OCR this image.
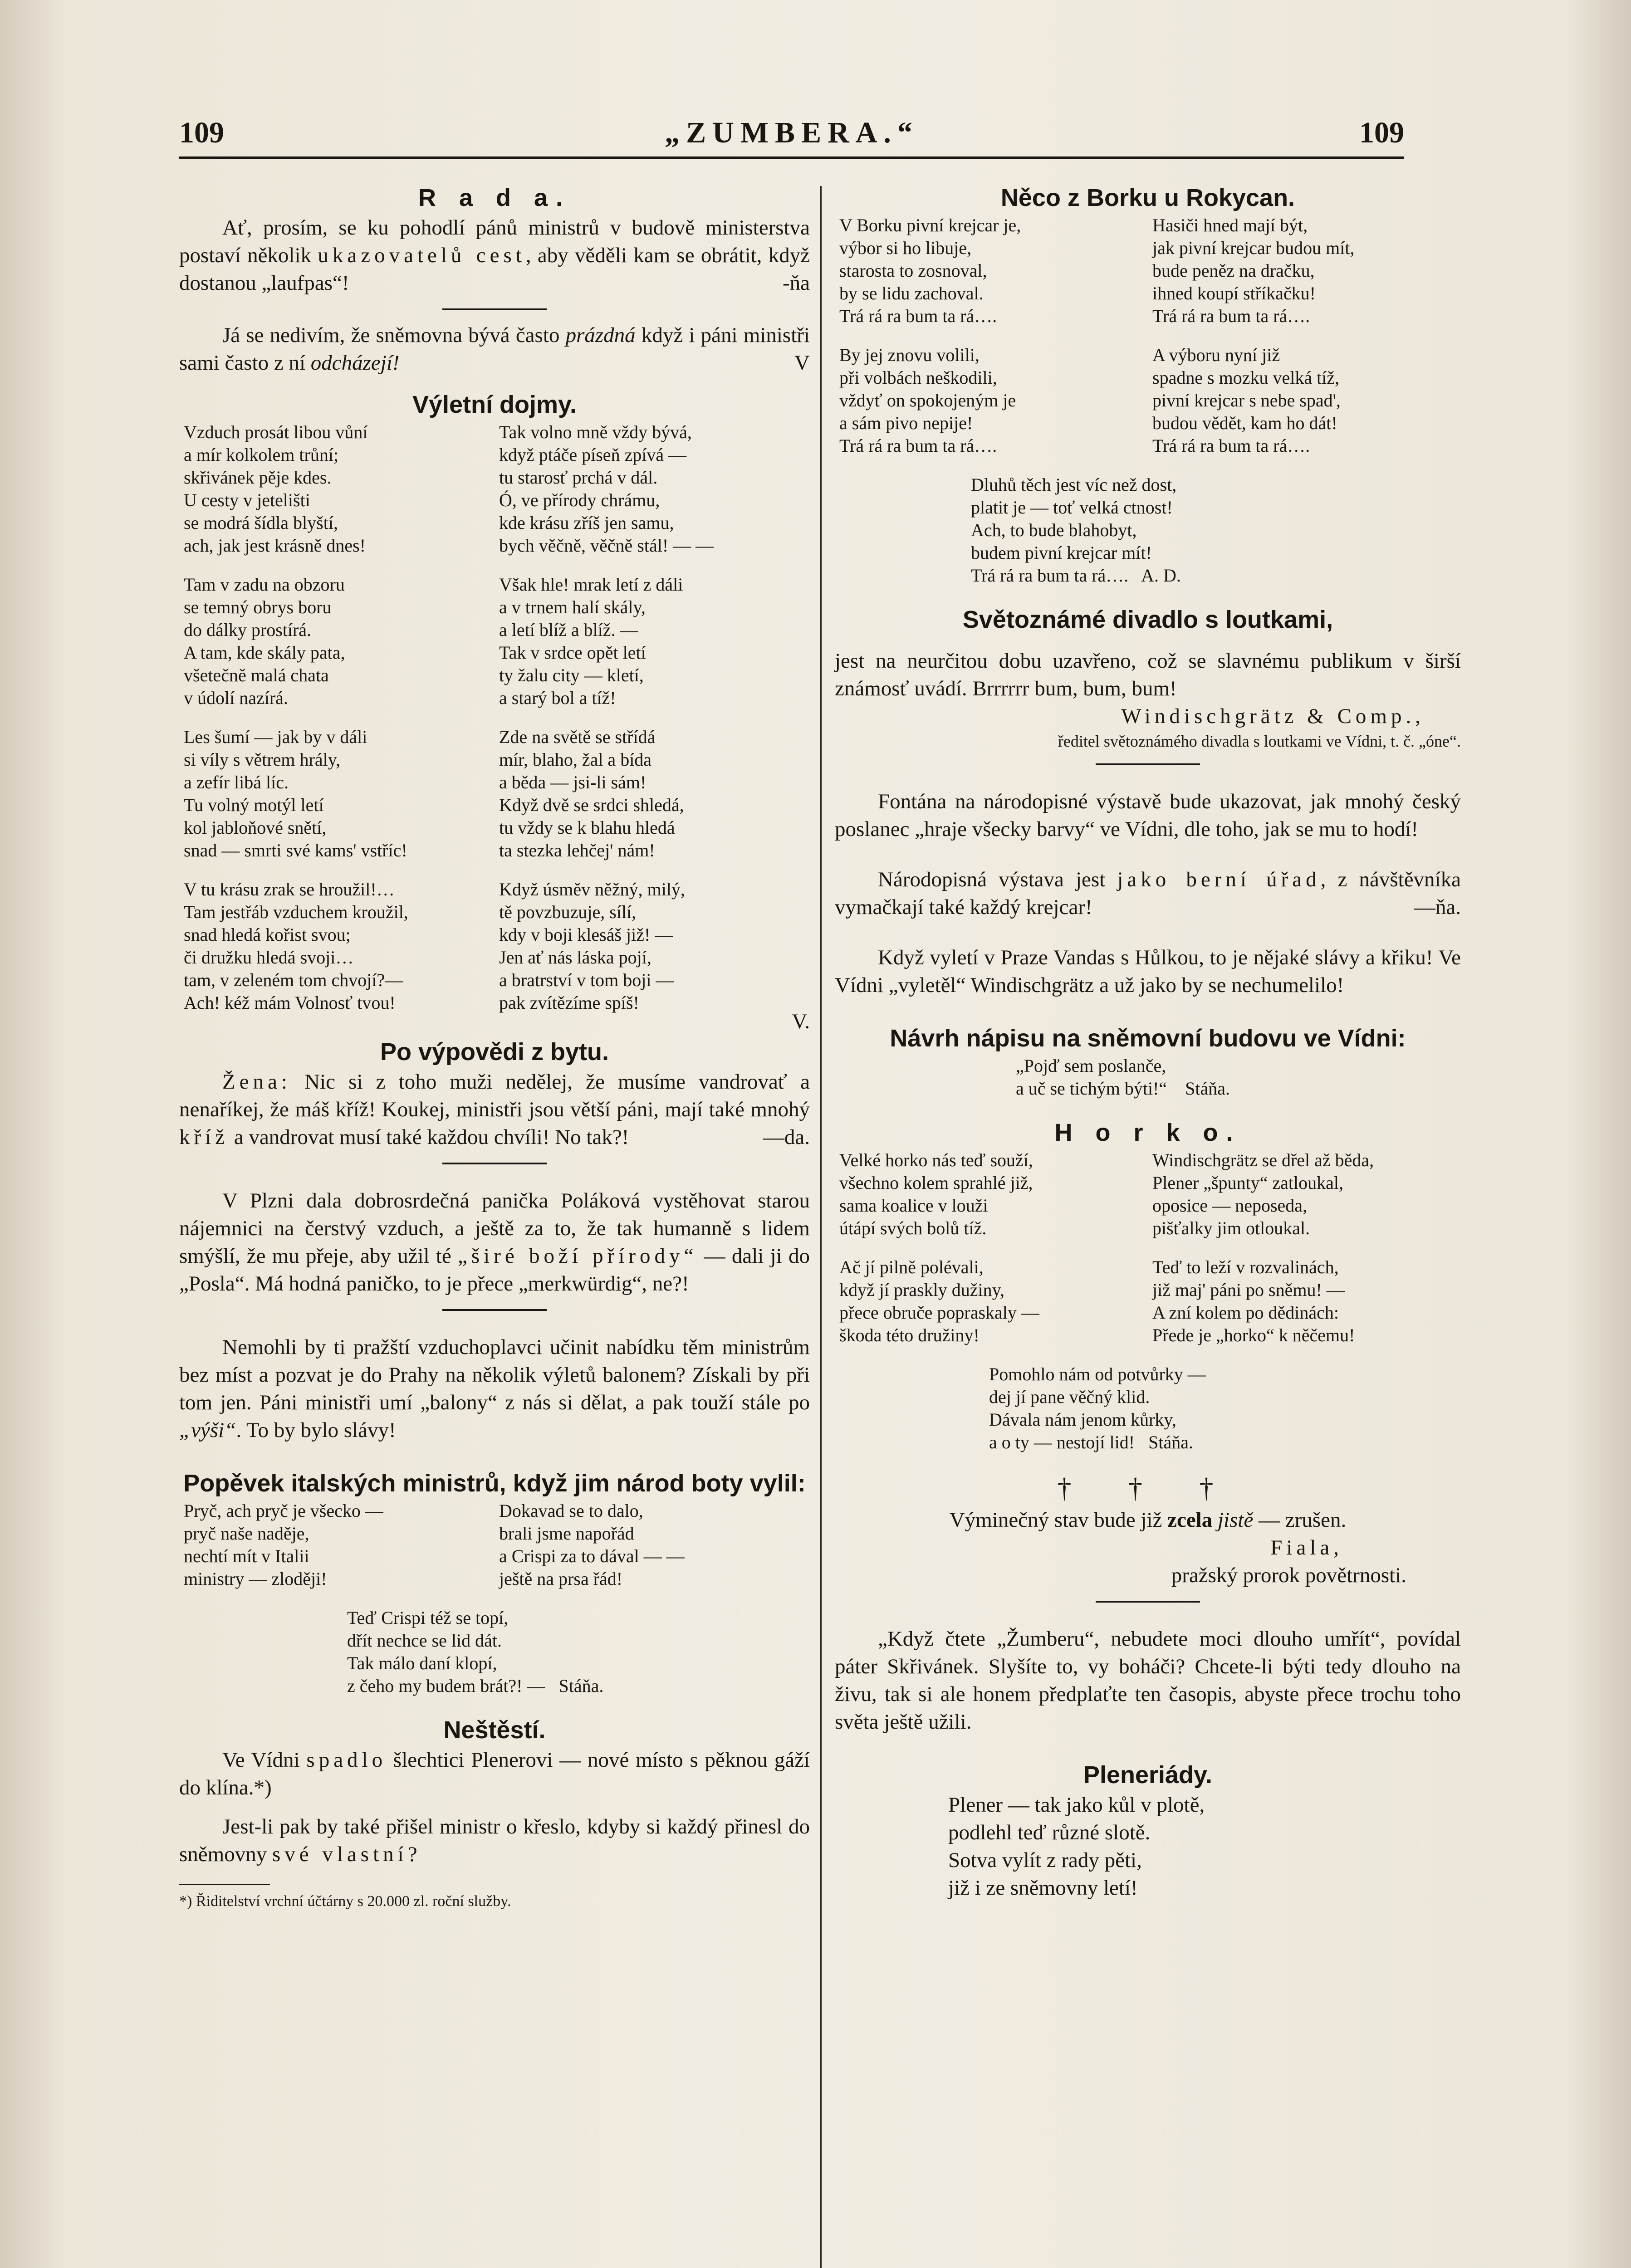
109	„ZUMBERA.“	109
R a d a.

Ať, prosím, se ku pohodlí pánů ministrů v budově ministerstva postaví několik ukazovatelů cest, aby věděli kam se obrátit, když dostanou „laufpas“!	-ňa

Já se nedivím, že sněmovna bývá často prázdná když i páni ministři sami často z ní odcházejí!	V

Výletní dojmy.
Vzduch prosát libou vůní
a mír kolkolem trůní;
skřivánek pěje kdes.
U cesty v jetelišti
se modrá šídla blyští,
ach, jak jest krásně dnes!
Tam v zadu na obzoru
se temný obrys boru
do dálky prostírá.
A tam, kde skály pata,
všetečně malá chata
v údolí nazírá.
Les šumí — jak by v dáli
si víly s větrem hrály,
a zefír libá líc.
Tu volný motýl letí
kol jabloňové snětí,
snad — smrti své kams' vstříc!
V tu krásu zrak se hroužil!…
Tam jestřáb vzduchem kroužil,
snad hledá kořist svou;
či družku hledá svoji…
tam, v zeleném tom chvojí?—
Ach! kéž mám Volnosť tvou!
Tak volno mně vždy bývá,
když ptáče píseň zpívá —
tu starosť prchá v dál.
Ó, ve přírody chrámu,
kde krásu zříš jen samu,
bych věčně, věčně stál! — —
Však hle! mrak letí z dáli
a v trnem halí skály,
a letí blíž a blíž. —
Tak v srdce opět letí
ty žalu city — kletí,
a starý bol a tíž!
Zde na světě se střídá
mír, blaho, žal a bída
a běda — jsi-li sám!
Když dvě se srdci shledá,
tu vždy se k blahu hledá
ta stezka lehčej' nám!
Když úsměv něžný, milý,
tě povzbuzuje, sílí,
kdy v boji klesáš již! —
Jen ať nás láska pojí,
a bratrství v tom boji —
pak zvítězíme spíš!
V.
Po výpovědi z bytu.

Žena: Nic si z toho muži nedělej, že musíme vandrovať a nenaříkej, že máš kříž! Koukej, ministři jsou větší páni, mají také mnohý kříž a vandrovat musí také každou chvíli! No tak?!	—da.

V Plzni dala dobrosrdečná panička Poláková vystěhovat starou nájemnici na čerstvý vzduch, a ještě za to, že tak humanně s lidem smýšlí, že mu přeje, aby užil té „širé boží přírody“ — dali ji do „Posla“. Má hodná paničko, to je přece „merkwürdig“, ne?!

Nemohli by ti pražští vzduchoplavci učinit nabídku těm ministrům bez míst a pozvat je do Prahy na několik výletů balonem? Získali by při tom jen. Páni ministři umí „balony“ z nás si dělat, a pak touží stále po „výši“. To by bylo slávy!

Popěvek italských ministrů, když jim národ boty vylil:
Pryč, ach pryč je všecko —
pryč naše naděje,
nechtí mít v Italii
ministry — zloději!
Dokavad se to dalo,
brali jsme napořád
a Crispi za to dával — —
ještě na prsa řád!
Teď Crispi též se topí,
dřít nechce se lid dát.
Tak málo daní klopí,
z čeho my budem brát?! — Stáňa.
Neštěstí.

Ve Vídni spadlo šlechtici Plenerovi — nové místo s pěknou gáží do klína.*)

Jest-li pak by také přišel ministr o křeslo, kdyby si každý přinesl do sněmovny své vlastní?

*) Řiditelství vrchní účtárny s 20.000 zl. roční služby.
Něco z Borku u Rokycan.
V Borku pivní krejcar je,
výbor si ho libuje,
starosta to zosnoval,
by se lidu zachoval.
Trá rá ra bum ta rá….
By jej znovu volili,
při volbách neškodili,
vždyť on spokojeným je
a sám pivo nepije!
Trá rá ra bum ta rá….
Hasiči hned mají být,
jak pivní krejcar budou mít,
bude peněz na dračku,
ihned koupí stříkačku!
Trá rá ra bum ta rá….
A výboru nyní již
spadne s mozku velká tíž,
pivní krejcar s nebe spad',
budou vědět, kam ho dát!
Trá rá ra bum ta rá….
Dluhů těch jest víc než dost,
platit je — toť velká ctnost!
Ach, to bude blahobyt,
budem pivní krejcar mít!
Trá rá ra bum ta rá…. A. D.
Světoznámé divadlo s loutkami,

jest na neurčitou dobu uzavřeno, což se slavnému publikum v širší známosť uvádí. Brrrrrr bum, bum, bum!

Windischgrätz & Comp.,
ředitel světoznámého divadla s loutkami ve Vídni, t. č. „óne“.

Fontána na národopisné výstavě bude ukazovat, jak mnohý český poslanec „hraje všecky barvy“ ve Vídni, dle toho, jak se mu to hodí!

Národopisná výstava jest jako berní úřad, z návštěvníka vymačkají také každý krejcar!	—ňa.

Když vyletí v Praze Vandas s Hůlkou, to je nějaké slávy a křiku! Ve Vídni „vyletěl“ Windischgrätz a už jako by se nechumelilo!

Návrh nápisu na sněmovní budovu ve Vídni:
„Pojď sem poslanče,
a uč se tichým býti!“ Stáňa.
H o r k o.
Velké horko nás teď souží,
všechno kolem sprahlé již,
sama koalice v louži
útápí svých bolů tíž.
Ač jí pilně polévali,
když jí praskly dužiny,
přece obruče popraskaly —
škoda této družiny!
Windischgrätz se dřel až běda,
Plener „špunty“ zatloukal,
oposice — neposeda,
pišťalky jim otloukal.
Teď to leží v rozvalinách,
již maj' páni po sněmu! —
A zní kolem po dědinách:
Přede je „horko“ k něčemu!
Pomohlo nám od potvůrky —
dej jí pane věčný klid.
Dávala nám jenom kůrky,
a o ty — nestojí lid! Stáňa.
† † †

Výminečný stav bude již zcela jistě — zrušen.

Fiala,
pražský prorok povětrnosti.

„Když čtete „Žumberu“, nebudete moci dlouho umřít“, povídal páter Skřivánek. Slyšíte to, vy boháči? Chcete-li býti tedy dlouho na živu, tak si ale honem předplaťte ten časopis, abyste přece trochu toho světa ještě užili.

Pleneriády.
Plener — tak jako kůl v plotě,
podlehl teď různé slotě.
Sotva vylít z rady pěti,
již i ze sněmovny letí!
